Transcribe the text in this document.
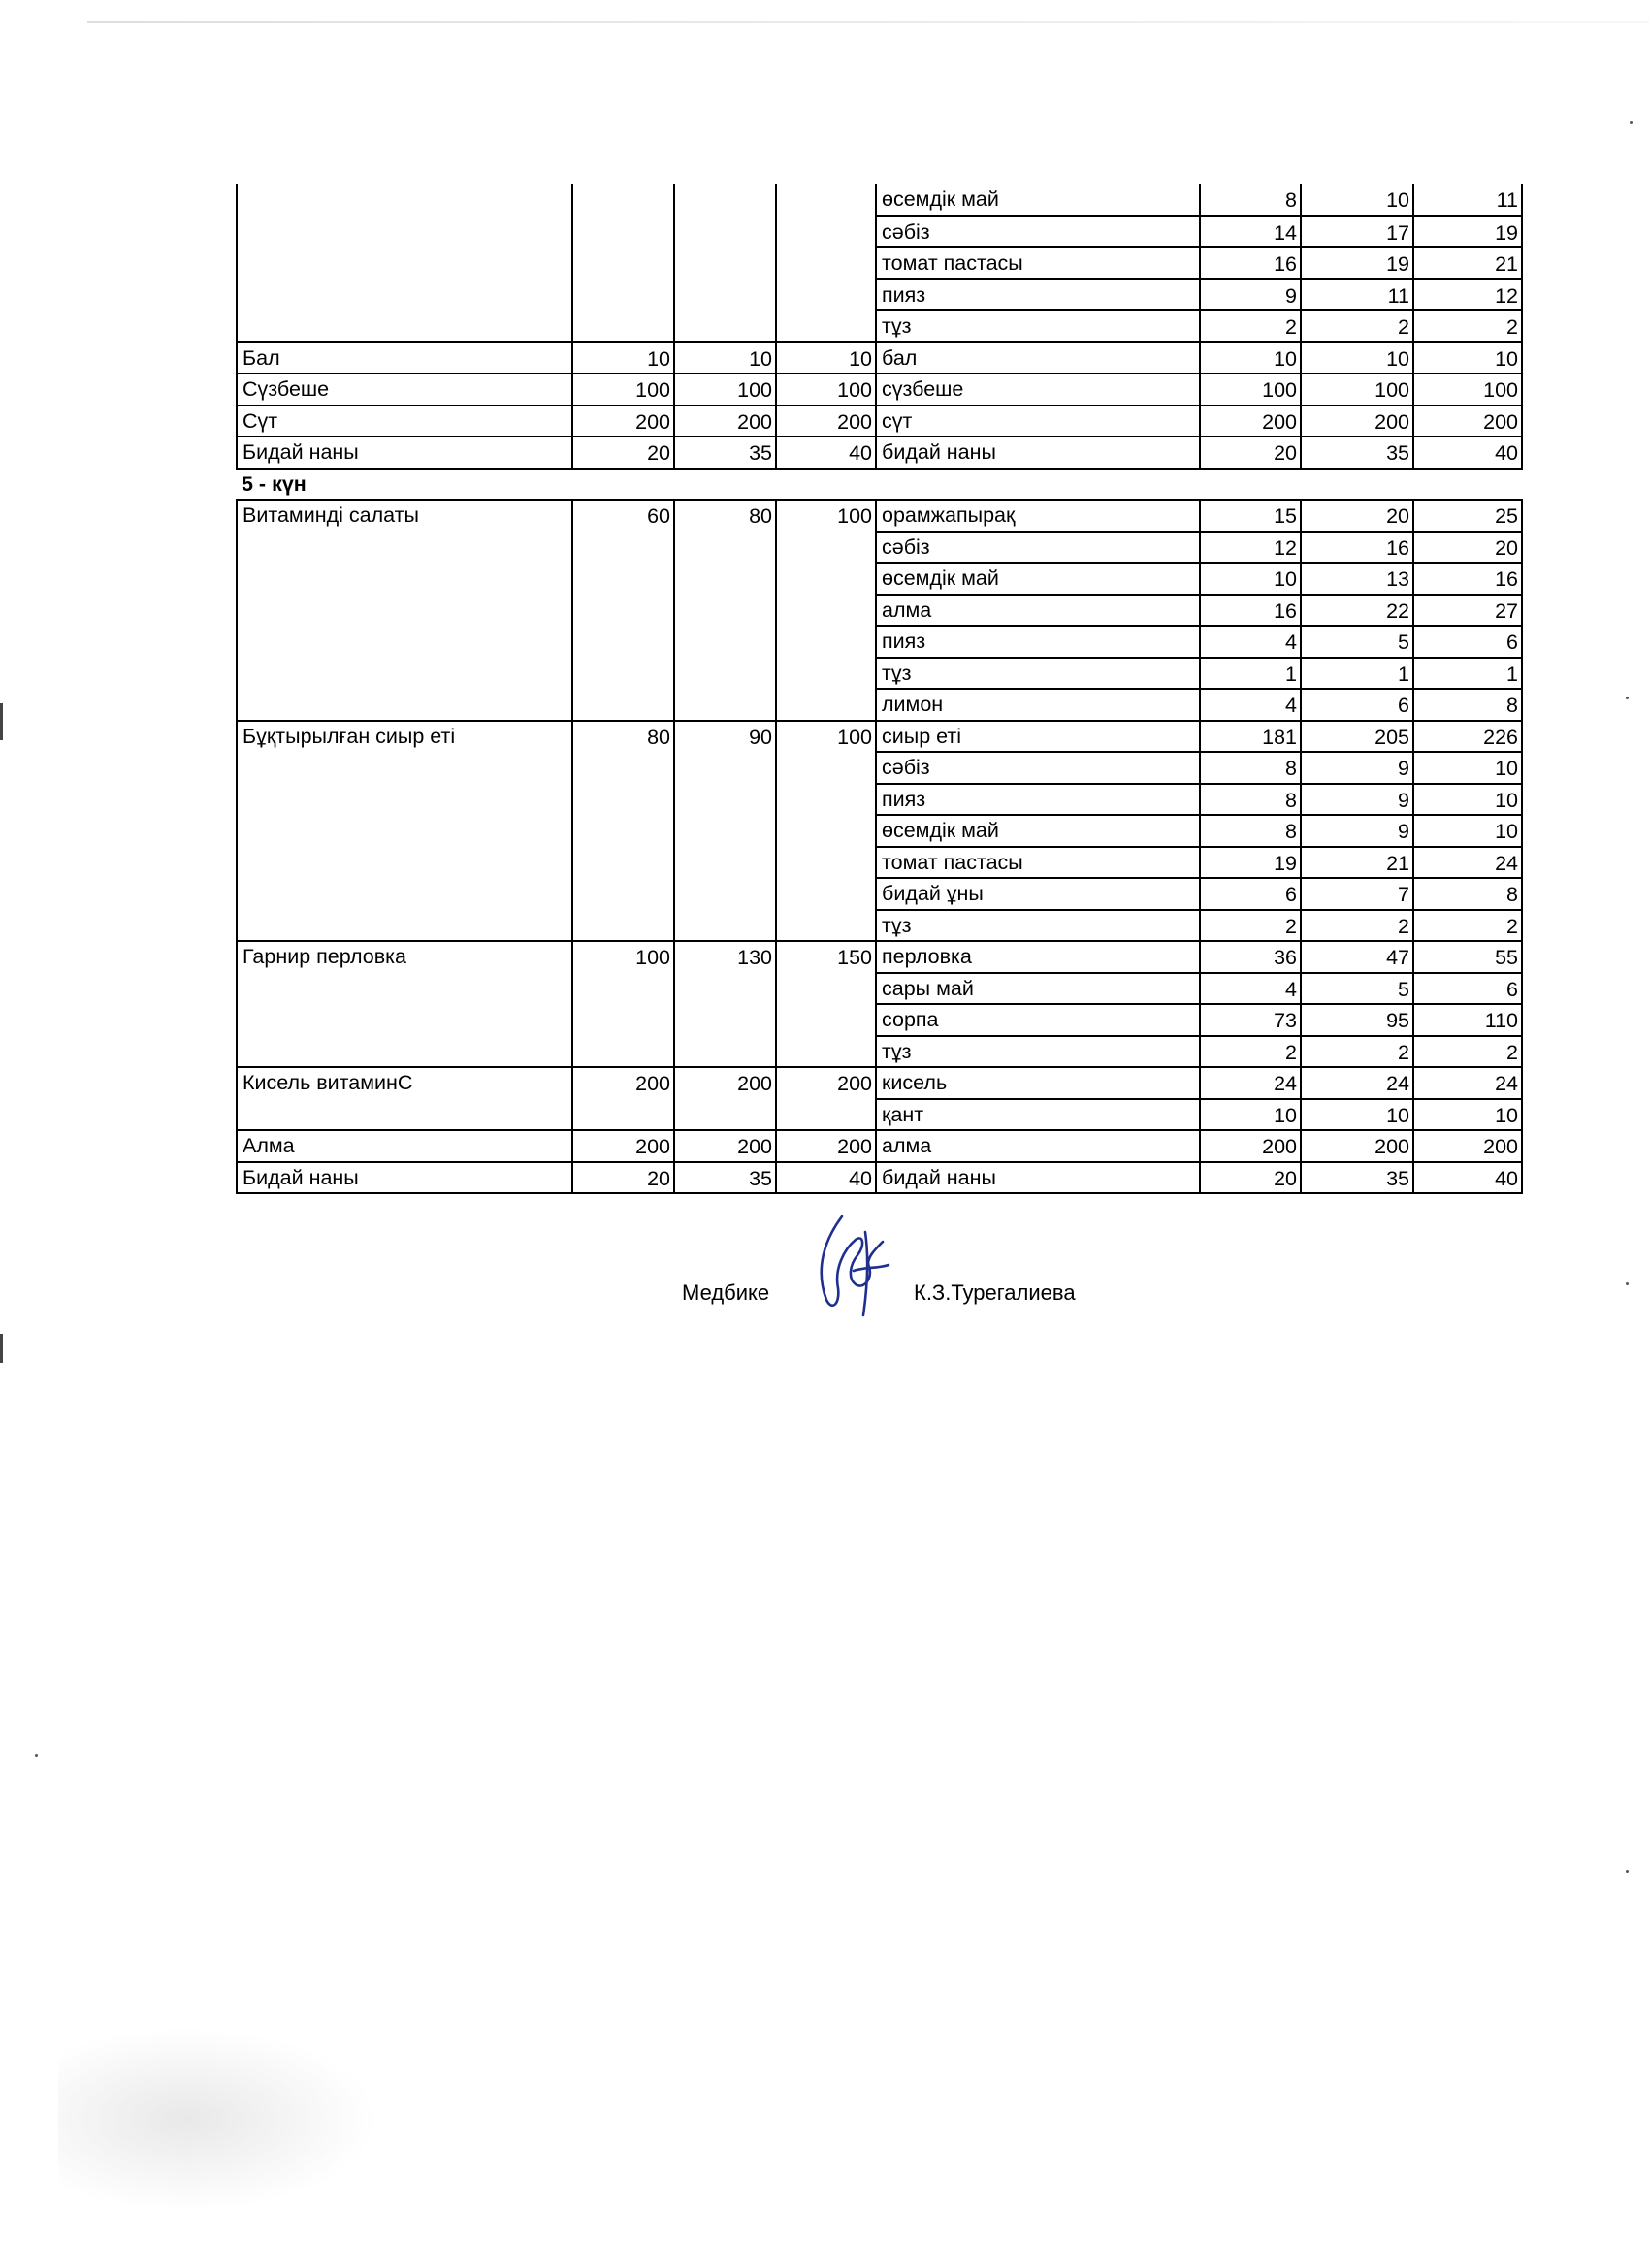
				өсемдік май	8	10	11
				сәбіз	14	17	19
				томат пастасы	16	19	21
				пияз	9	11	12
				тұз	2	2	2
Бал	10	10	10	бал	10	10	10
Сүзбеше	100	100	100	сүзбеше	100	100	100
Сүт	200	200	200	сүт	200	200	200
Бидай наны	20	35	40	бидай наны	20	35	40
5 - күн							
Витаминді салаты	60	80	100	орамжапырақ	15	20	25
				сәбіз	12	16	20
				өсемдік май	10	13	16
				алма	16	22	27
				пияз	4	5	6
				тұз	1	1	1
				лимон	4	6	8
Бұқтырылған сиыр еті	80	90	100	сиыр еті	181	205	226
				сәбіз	8	9	10
				пияз	8	9	10
				өсемдік май	8	9	10
				томат пастасы	19	21	24
				бидай ұны	6	7	8
				тұз	2	2	2
Гарнир перловка	100	130	150	перловка	36	47	55
				сары май	4	5	6
				сорпа	73	95	110
				тұз	2	2	2
Кисель витаминС	200	200	200	кисель	24	24	24
				қант	10	10	10
Алма	200	200	200	алма	200	200	200
Бидай наны	20	35	40	бидай наны	20	35	40
Медбике	К.З.Турегалиева
